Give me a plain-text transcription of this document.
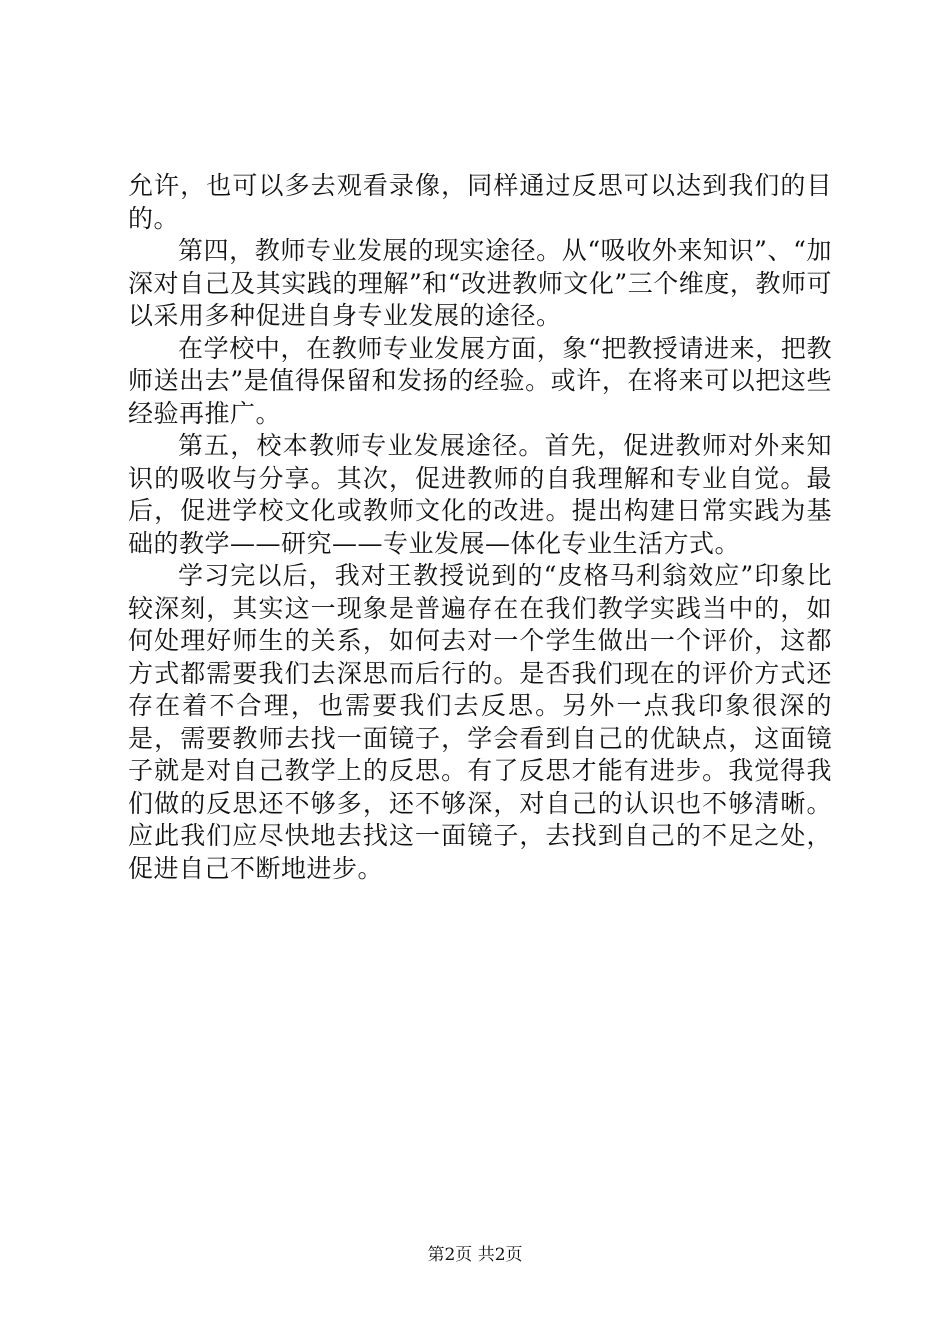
允许，也可以多去观看录像，同样通过反思可以达到我们的目的。

第四，教师专业发展的现实途径。从“吸收外来知识”、“加深对自己及其实践的理解”和“改进教师文化”三个维度，教师可以采用多种促进自身专业发展的途径。

在学校中，在教师专业发展方面，象“把教授请进来，把教师送出去”是值得保留和发扬的经验。或许，在将来可以把这些经验再推广。

第五，校本教师专业发展途径。首先，促进教师对外来知识的吸收与分享。其次，促进教师的自我理解和专业自觉。最后，促进学校文化或教师文化的改进。提出构建日常实践为基础的教学——研究——专业发展—体化专业生活方式。

学习完以后，我对王教授说到的“皮格马利翁效应”印象比较深刻，其实这一现象是普遍存在在我们教学实践当中的，如何处理好师生的关系，如何去对一个学生做出一个评价，这都方式都需要我们去深思而后行的。是否我们现在的评价方式还存在着不合理，也需要我们去反思。另外一点我印象很深的是，需要教师去找一面镜子，学会看到自己的优缺点，这面镜子就是对自己教学上的反思。有了反思才能有进步。我觉得我们做的反思还不够多，还不够深，对自己的认识也不够清晰。应此我们应尽快地去找这一面镜子，去找到自己的不足之处，促进自己不断地进步。

第2页 共2页
